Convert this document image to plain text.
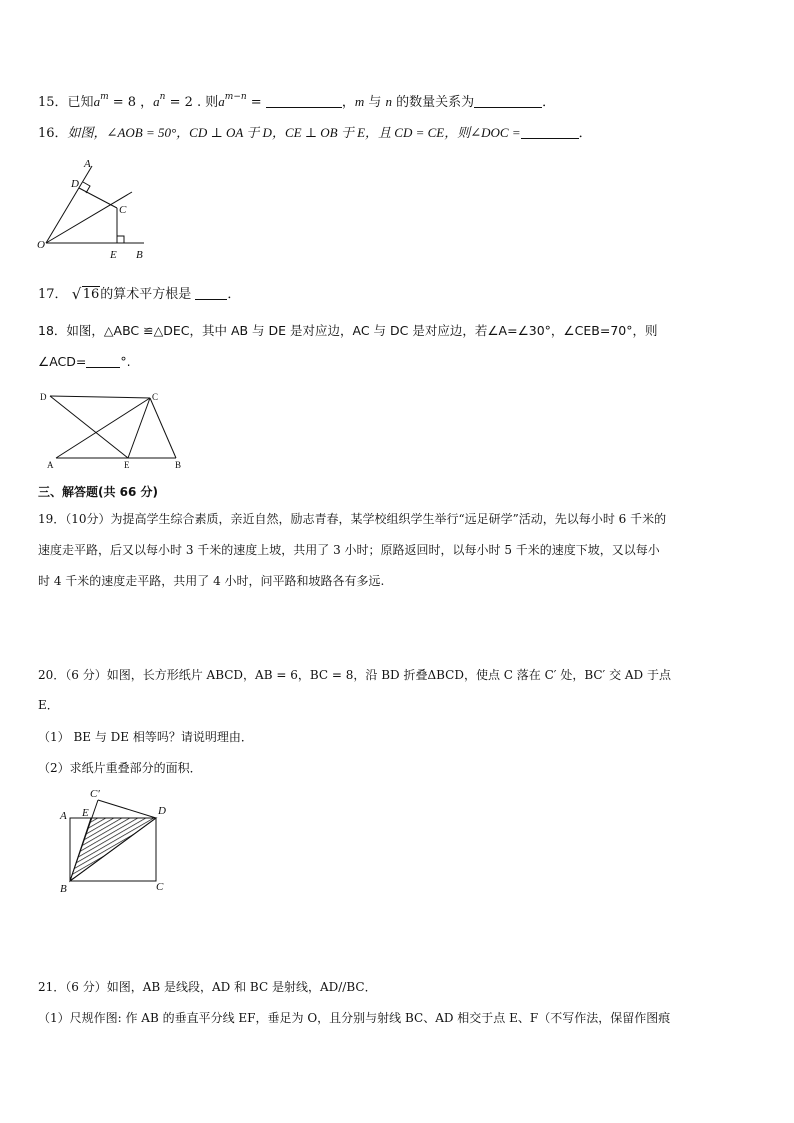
15．已知$a^m = 8$ ，$a^n = 2$ . 则$a^{m-n}$ =	，m 与 n 的数量关系为	．
16．如图，∠AOB = 50°，CD ⊥ OA 于 D，CE ⊥ OB 于 E，且 CD = CE，则∠DOC =	．
A
D
C
O
E B
17． √ 16的算术平方根是	．
18．如图，△ABC ≌△DEC，其中 AB 与 DE 是对应边，AC 与 DC 是对应边，若∠A=∠30°，∠CEB=70°，则
∠ACD=	°.
D	C
A	E	B
三、解答题(共 66 分)
19．（10分）为提高学生综合素质，亲近自然，励志青春，某学校组织学生举行“远足研学”活动，先以每小时 6 千米的
速度走平路，后又以每小时 3 千米的速度上坡，共用了 3 小时；原路返回时，以每小时 5 千米的速度下坡，又以每小
时 4 千米的速度走平路，共用了 4 小时，问平路和坡路各有多远.
20．（6 分）如图，长方形纸片 ABCD，AB = 6，BC = 8，沿 BD 折叠ΔBCD，使点 C 落在 C′ 处，BC′ 交 AD 于点
E．
（1） BE 与 DE 相等吗？请说明理由．
（2）求纸片重叠部分的面积．
C′
A E	D
B	C
21．（6 分）如图，AB 是线段，AD 和 BC 是射线，AD//BC．
（1）尺规作图: 作 AB 的垂直平分线 EF，垂足为 O，且分别与射线 BC、AD 相交于点 E、F（不写作法，保留作图痕
